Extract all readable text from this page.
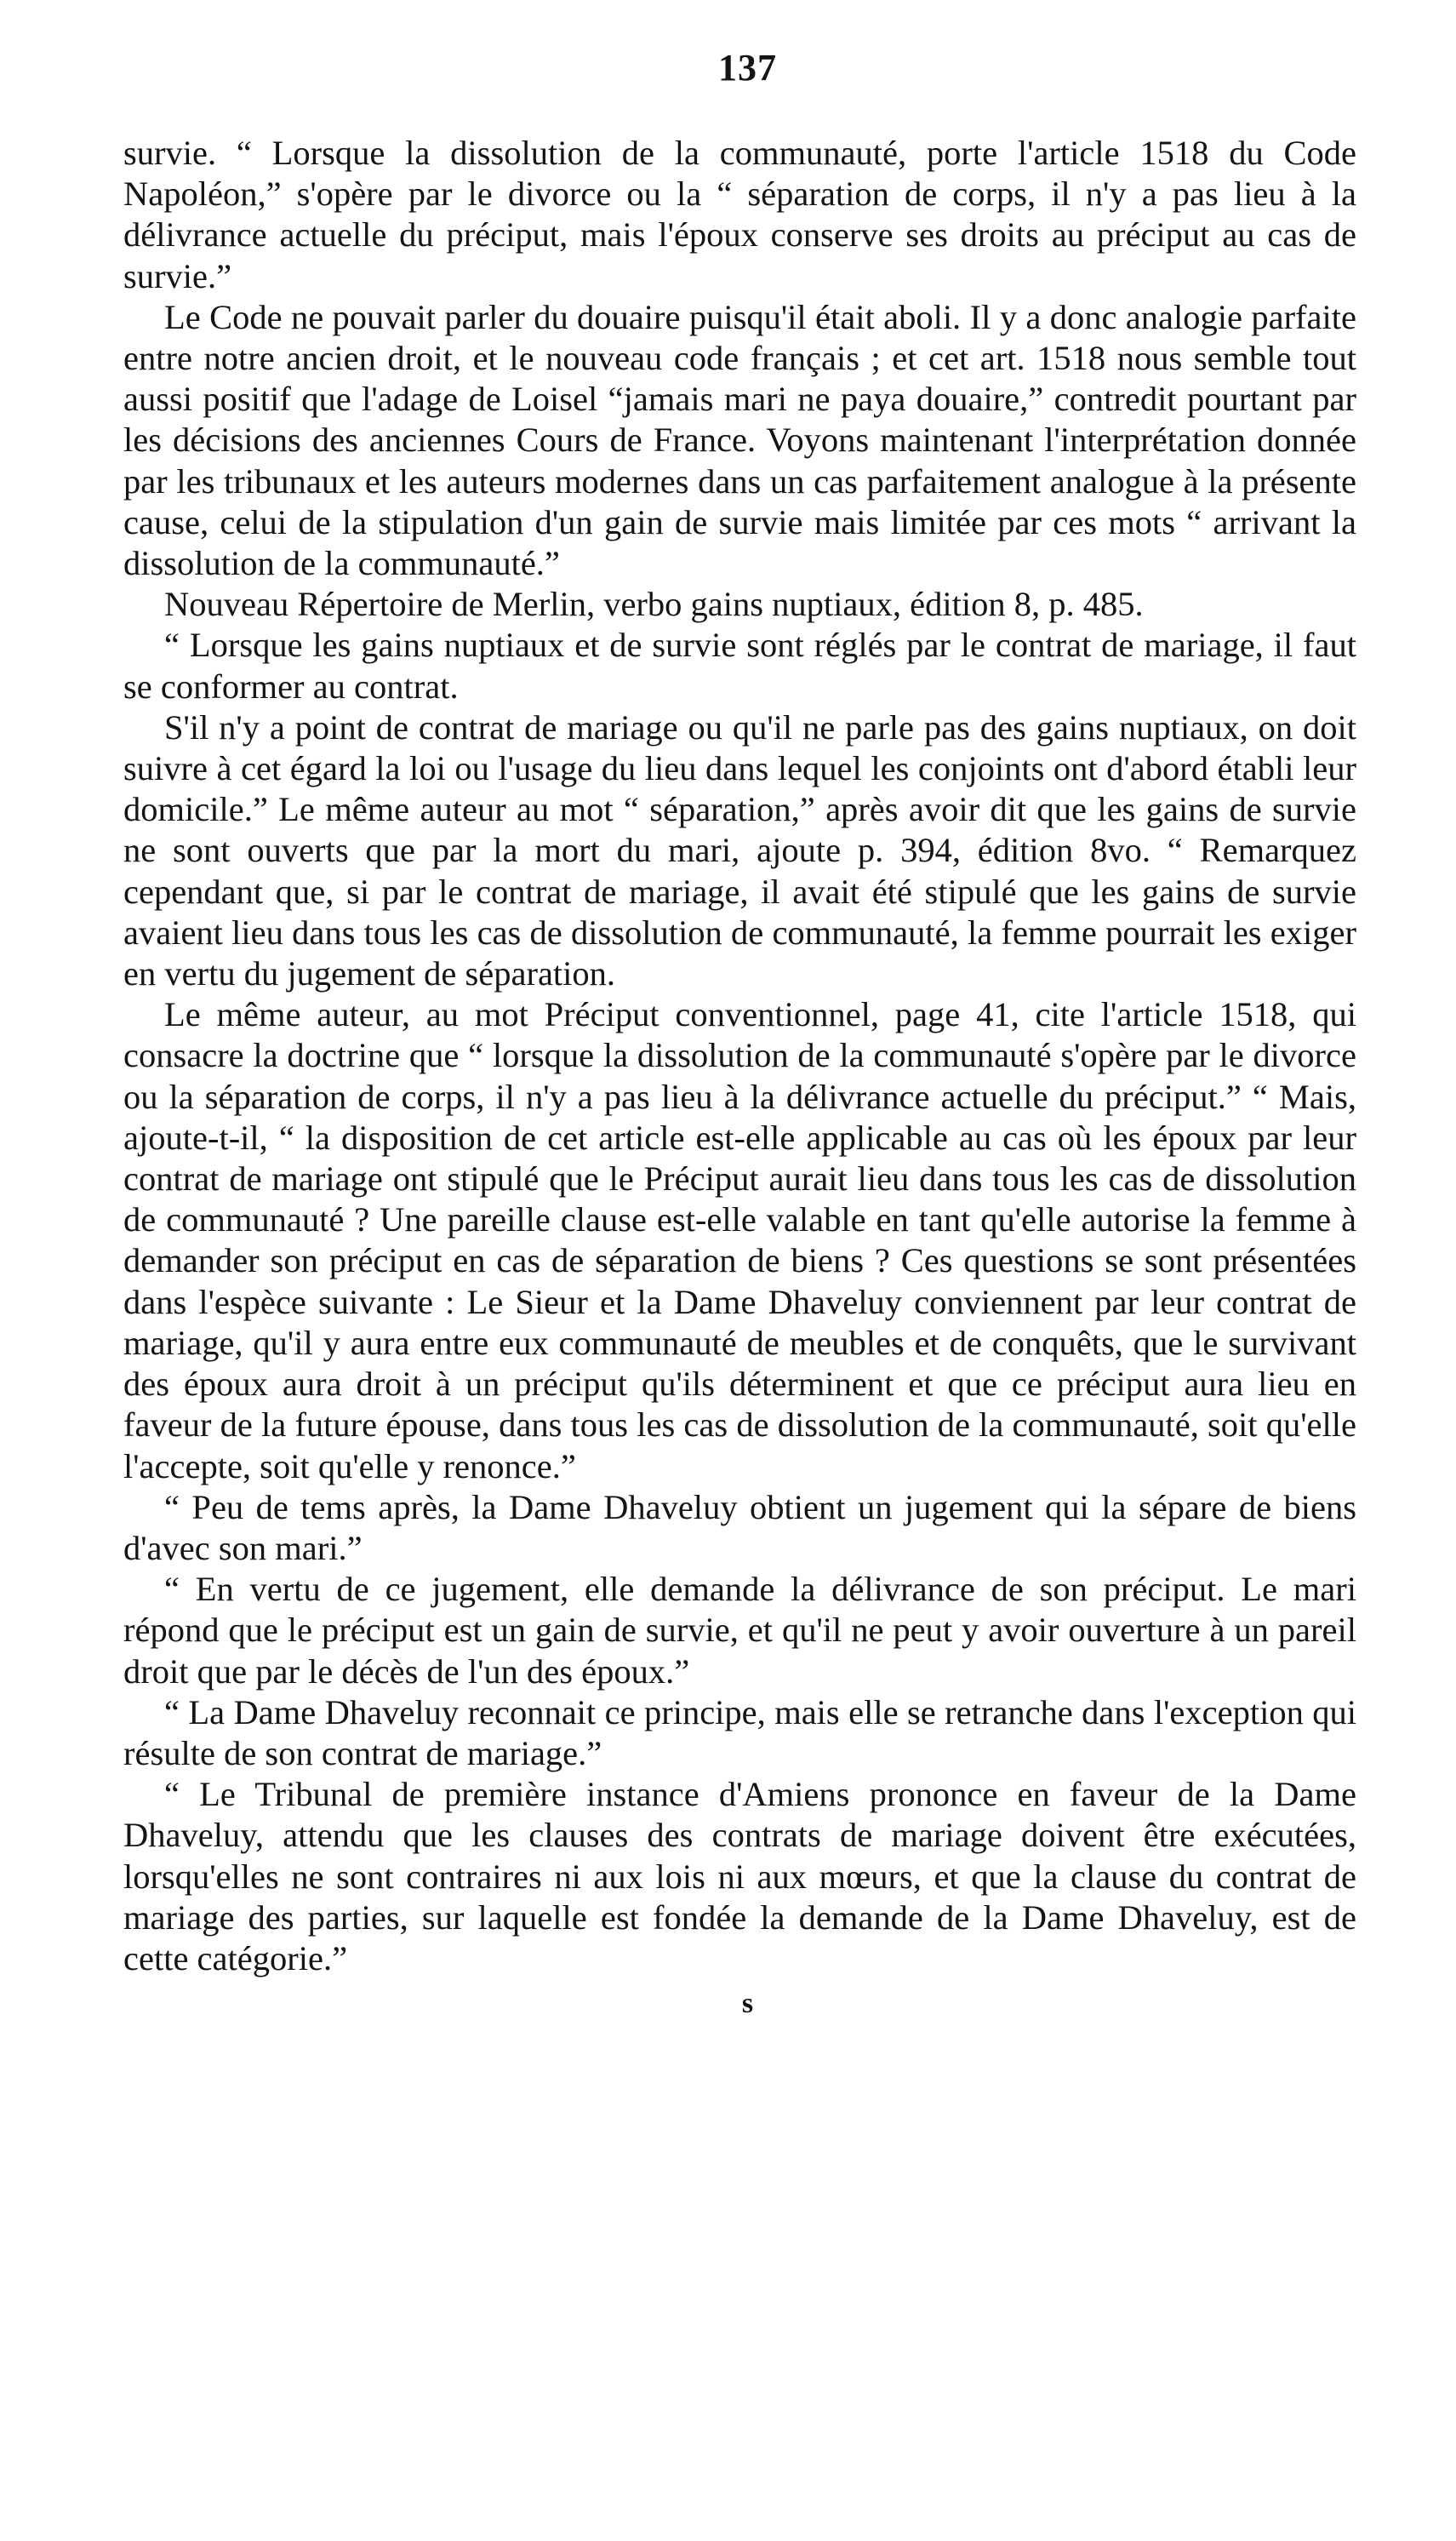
137

survie. “ Lorsque la dissolution de la communauté, porte l'article 1518 du Code Napoléon,” s'opère par le divorce ou la “ séparation de corps, il n'y a pas lieu à la délivrance actuelle du préciput, mais l'époux conserve ses droits au préciput au cas de survie.”

Le Code ne pouvait parler du douaire puisqu'il était aboli. Il y a donc analogie parfaite entre notre ancien droit, et le nouveau code français ; et cet art. 1518 nous semble tout aussi positif que l'adage de Loisel “jamais mari ne paya douaire,” contredit pourtant par les décisions des anciennes Cours de France. Voyons maintenant l'interprétation donnée par les tribunaux et les auteurs modernes dans un cas parfaitement analogue à la présente cause, celui de la stipulation d'un gain de survie mais limitée par ces mots “ arrivant la dissolution de la communauté.”

Nouveau Répertoire de Merlin, verbo gains nuptiaux, édition 8, p. 485.

“ Lorsque les gains nuptiaux et de survie sont réglés par le contrat de mariage, il faut se conformer au contrat.

S'il n'y a point de contrat de mariage ou qu'il ne parle pas des gains nuptiaux, on doit suivre à cet égard la loi ou l'usage du lieu dans lequel les conjoints ont d'abord établi leur domicile.” Le même auteur au mot “ séparation,” après avoir dit que les gains de survie ne sont ouverts que par la mort du mari, ajoute p. 394, édition 8vo. “ Remarquez cependant que, si par le contrat de mariage, il avait été stipulé que les gains de survie avaient lieu dans tous les cas de dissolution de communauté, la femme pourrait les exiger en vertu du jugement de séparation.

Le même auteur, au mot Préciput conventionnel, page 41, cite l'article 1518, qui consacre la doctrine que “ lorsque la dissolution de la communauté s'opère par le divorce ou la séparation de corps, il n'y a pas lieu à la délivrance actuelle du préciput.” “ Mais, ajoute-t-il, “ la disposition de cet article est-elle applicable au cas où les époux par leur contrat de mariage ont stipulé que le Préciput aurait lieu dans tous les cas de dissolution de communauté ? Une pareille clause est-elle valable en tant qu'elle autorise la femme à demander son préciput en cas de séparation de biens ? Ces questions se sont présentées dans l'espèce suivante : Le Sieur et la Dame Dhaveluy conviennent par leur contrat de mariage, qu'il y aura entre eux communauté de meubles et de conquêts, que le survivant des époux aura droit à un préciput qu'ils déterminent et que ce préciput aura lieu en faveur de la future épouse, dans tous les cas de dissolution de la communauté, soit qu'elle l'accepte, soit qu'elle y renonce.”

“ Peu de tems après, la Dame Dhaveluy obtient un jugement qui la sépare de biens d'avec son mari.”

“ En vertu de ce jugement, elle demande la délivrance de son préciput. Le mari répond que le préciput est un gain de survie, et qu'il ne peut y avoir ouverture à un pareil droit que par le décès de l'un des époux.”

“ La Dame Dhaveluy reconnait ce principe, mais elle se retranche dans l'exception qui résulte de son contrat de mariage.”

“ Le Tribunal de première instance d'Amiens prononce en faveur de la Dame Dhaveluy, attendu que les clauses des contrats de mariage doivent être exécutées, lorsqu'elles ne sont contraires ni aux lois ni aux mœurs, et que la clause du contrat de mariage des parties, sur laquelle est fondée la demande de la Dame Dhaveluy, est de cette catégorie.”

s
